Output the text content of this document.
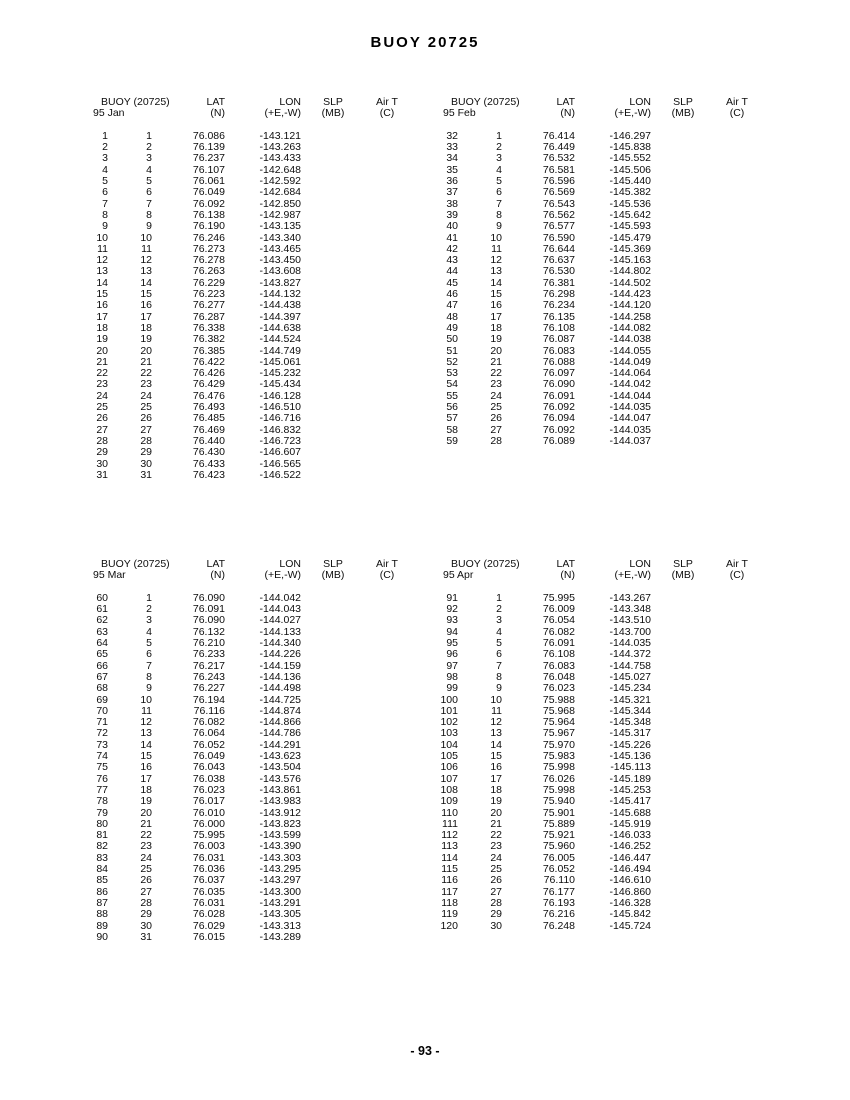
BUOY 20725
BUOY (20725)	LAT	LON	SLP	Air T
95 Jan	(N)	(+E,-W)	(MB)	(C)
1	1	76.086	-143.121
2	2	76.139	-143.263
3	3	76.237	-143.433
4	4	76.107	-142.648
5	5	76.061	-142.592
6	6	76.049	-142.684
7	7	76.092	-142.850
8	8	76.138	-142.987
9	9	76.190	-143.135
10	10	76.246	-143.340
11	11	76.273	-143.465
12	12	76.278	-143.450
13	13	76.263	-143.608
14	14	76.229	-143.827
15	15	76.223	-144.132
16	16	76.277	-144.438
17	17	76.287	-144.397
18	18	76.338	-144.638
19	19	76.382	-144.524
20	20	76.385	-144.749
21	21	76.422	-145.061
22	22	76.426	-145.232
23	23	76.429	-145.434
24	24	76.476	-146.128
25	25	76.493	-146.510
26	26	76.485	-146.716
27	27	76.469	-146.832
28	28	76.440	-146.723
29	29	76.430	-146.607
30	30	76.433	-146.565
31	31	76.423	-146.522
BUOY (20725)	LAT	LON	SLP	Air T
95 Feb	(N)	(+E,-W)	(MB)	(C)
32	1	76.414	-146.297
33	2	76.449	-145.838
34	3	76.532	-145.552
35	4	76.581	-145.506
36	5	76.596	-145.440
37	6	76.569	-145.382
38	7	76.543	-145.536
39	8	76.562	-145.642
40	9	76.577	-145.593
41	10	76.590	-145.479
42	11	76.644	-145.369
43	12	76.637	-145.163
44	13	76.530	-144.802
45	14	76.381	-144.502
46	15	76.298	-144.423
47	16	76.234	-144.120
48	17	76.135	-144.258
49	18	76.108	-144.082
50	19	76.087	-144.038
51	20	76.083	-144.055
52	21	76.088	-144.049
53	22	76.097	-144.064
54	23	76.090	-144.042
55	24	76.091	-144.044
56	25	76.092	-144.035
57	26	76.094	-144.047
58	27	76.092	-144.035
59	28	76.089	-144.037
BUOY (20725)	LAT	LON	SLP	Air T
95 Mar	(N)	(+E,-W)	(MB)	(C)
60	1	76.090	-144.042
61	2	76.091	-144.043
62	3	76.090	-144.027
63	4	76.132	-144.133
64	5	76.210	-144.340
65	6	76.233	-144.226
66	7	76.217	-144.159
67	8	76.243	-144.136
68	9	76.227	-144.498
69	10	76.194	-144.725
70	11	76.116	-144.874
71	12	76.082	-144.866
72	13	76.064	-144.786
73	14	76.052	-144.291
74	15	76.049	-143.623
75	16	76.043	-143.504
76	17	76.038	-143.576
77	18	76.023	-143.861
78	19	76.017	-143.983
79	20	76.010	-143.912
80	21	76.000	-143.823
81	22	75.995	-143.599
82	23	76.003	-143.390
83	24	76.031	-143.303
84	25	76.036	-143.295
85	26	76.037	-143.297
86	27	76.035	-143.300
87	28	76.031	-143.291
88	29	76.028	-143.305
89	30	76.029	-143.313
90	31	76.015	-143.289
BUOY (20725)	LAT	LON	SLP	Air T
95 Apr	(N)	(+E,-W)	(MB)	(C)
91	1	75.995	-143.267
92	2	76.009	-143.348
93	3	76.054	-143.510
94	4	76.082	-143.700
95	5	76.091	-144.035
96	6	76.108	-144.372
97	7	76.083	-144.758
98	8	76.048	-145.027
99	9	76.023	-145.234
100	10	75.988	-145.321
101	11	75.968	-145.344
102	12	75.964	-145.348
103	13	75.967	-145.317
104	14	75.970	-145.226
105	15	75.983	-145.136
106	16	75.998	-145.113
107	17	76.026	-145.189
108	18	75.998	-145.253
109	19	75.940	-145.417
110	20	75.901	-145.688
111	21	75.889	-145.919
112	22	75.921	-146.033
113	23	75.960	-146.252
114	24	76.005	-146.447
115	25	76.052	-146.494
116	26	76.110	-146.610
117	27	76.177	-146.860
118	28	76.193	-146.328
119	29	76.216	-145.842
120	30	76.248	-145.724
- 93 -
